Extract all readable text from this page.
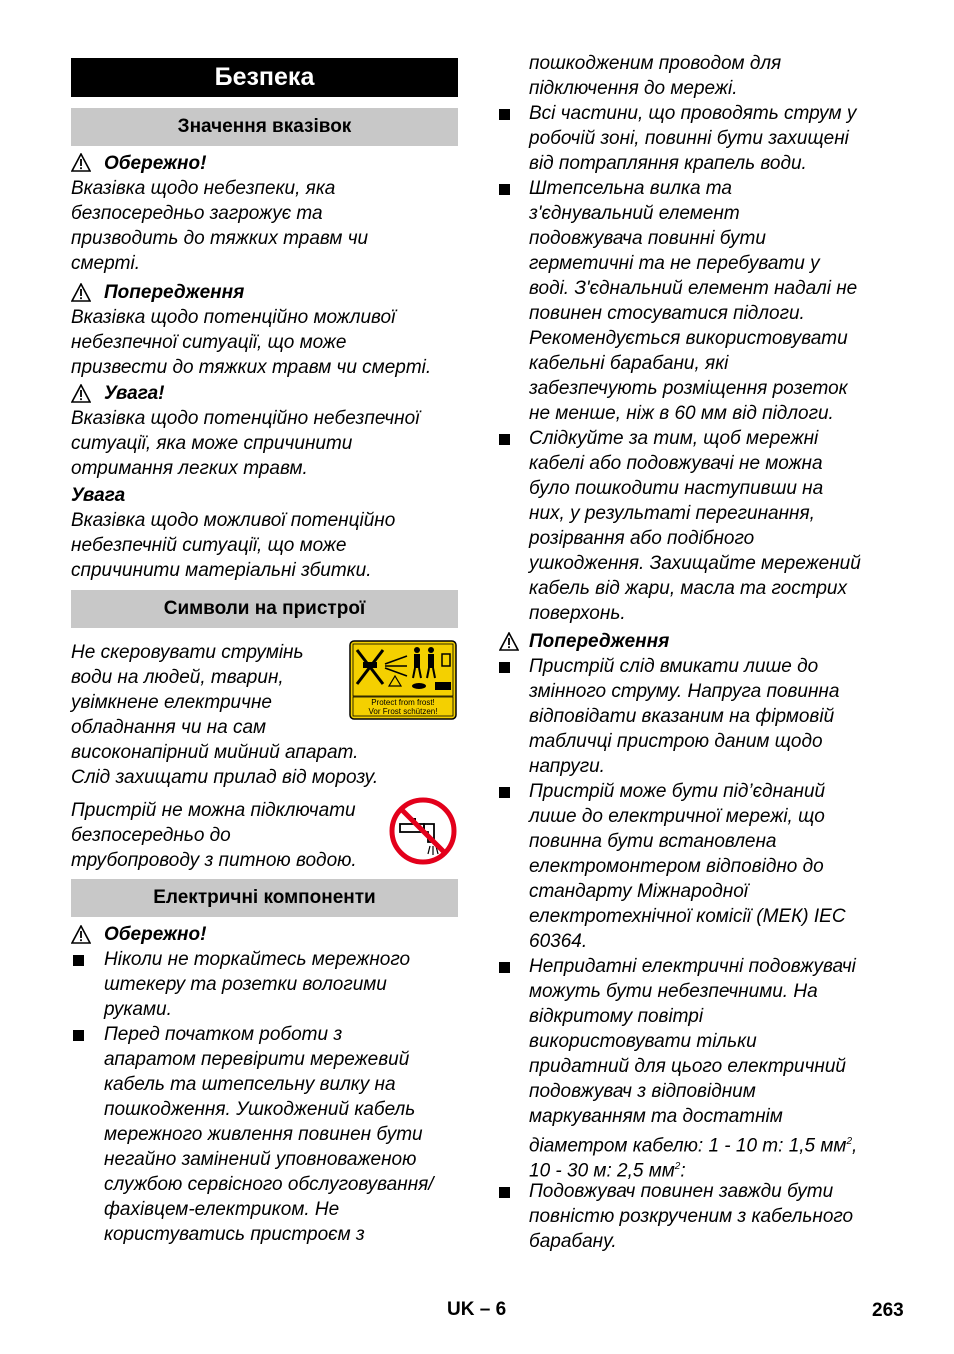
Безпека
Значення вказівок
Обережно!
Вказівка щодо небезпеки, яка
безпосередньо загрожує та
призводить до тяжких травм чи
смерті.
Попередження
Вказівка щодо потенційно можливої
небезпечної ситуації, що може
призвести до тяжких травм чи смерті.
Увага!
Вказівка щодо потенційно небезпечної
ситуації, яка може спричинити
отримання легких травм.
Увага
Вказівка щодо можливої потенційно
небезпечній ситуації, що може
спричинити матеріальні збитки.
Символи на пристрої
Не скеровувати струмінь
води на людей, тварин,
увімкнене електричне
обладнання чи на сам
високонапірний мийний апарат.
Слід захищати прилад від морозу.
Protect from frost!
Vor Frost schützen!
Пристрій не можна підключати
безпосередньо до
трубопроводу з питною водою.
Електричні компоненти
Обережно!
Ніколи не торкайтесь мережного
штекеру та розетки вологими
руками.
Перед початком роботи з
апаратом перевірити мережевий
кабель та штепсельну вилку на
пошкодження. Ушкоджений кабель
мережного живлення повинен бути
негайно замінений уповноваженою
службою сервісного обслуговування/
фахівцем-електриком. Не
користуватись пристроєм з
пошкодженим проводом для
підключення до мережі.
Всі частини, що проводять струм у
робочій зоні, повинні бути захищені
від потрапляння крапель води.
Штепсельна вилка та
з'єднувальний елемент
подовжувача повинні бути
герметичні та не перебувати у
воді. З'єднальний елемент надалі не
повинен стосуватися підлоги.
Рекомендується використовувати
кабельні барабани, які
забезпечують розміщення розеток
не менше, ніж в 60 мм від підлоги.
Слідкуйте за тим, щоб мережні
кабелі або подовжувачі не можна
було пошкодити наступивши на
них, у результаті перегинання,
розірвання або подібного
ушкодження. Захищайте мережений
кабель від жари, масла та гострих
поверхонь.
Попередження
Пристрій слід вмикати лише до
змінного струму. Напруга повинна
відповідати вказаним на фірмовій
табличці пристрою даним щодо
напруги.
Пристрій може бути під’єднаний
лише до електричної мережі, що
повинна бути встановлена
електромонтером відповідно до
стандарту Міжнародної
електротехнічної комісії (МЕК) IEC
60364.
Непридатні електричні подовжувачі
можуть бути небезпечними. На
відкритому повітрі
використовувати тільки
придатний для цього електричний
подовжувач з відповідним
маркуванням та достатнім
діаметром кабелю: 1 - 10 т: 1,5 $мм^2$,
10 - 30 м: 2,5 $мм^2$:
Подовжувач повинен завжди бути
повністю розкрученим з кабельного
барабану.
UK – 6	263
